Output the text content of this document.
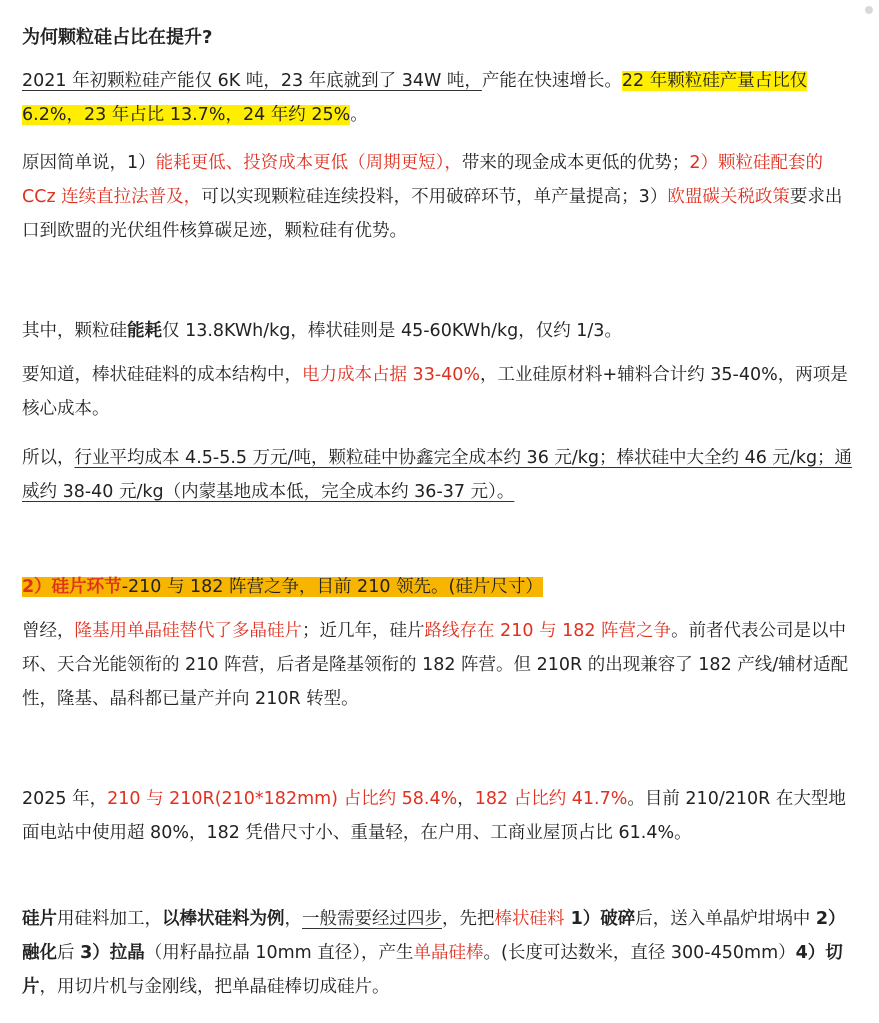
为何颗粒硅占比在提升?

2021 年初颗粒硅产能仅 6K 吨，23 年底就到了 34W 吨，产能在快速增长。22 年颗粒硅产量占比仅 6.2%，23 年占比 13.7%，24 年约 25%。

原因简单说，1）能耗更低、投资成本更低（周期更短），带来的现金成本更低的优势；2）颗粒硅配套的 CCz 连续直拉法普及，可以实现颗粒硅连续投料，不用破碎环节，单产量提高；3）欧盟碳关税政策要求出口到欧盟的光伏组件核算碳足迹，颗粒硅有优势。

其中，颗粒硅能耗仅 13.8KWh/kg，棒状硅则是 45-60KWh/kg，仅约 1/3。

要知道，棒状硅硅料的成本结构中，电力成本占据 33-40%，工业硅原材料+辅料合计约 35-40%，两项是核心成本。

所以，行业平均成本 4.5-5.5 万元/吨，颗粒硅中协鑫完全成本约 36 元/kg；棒状硅中大全约 46 元/kg；通威约 38-40 元/kg（内蒙基地成本低，完全成本约 36-37 元）。

2）硅片环节-210 与 182 阵营之争，目前 210 领先。(硅片尺寸）

曾经，隆基用单晶硅替代了多晶硅片；近几年，硅片路线存在 210 与 182 阵营之争。前者代表公司是以中环、天合光能领衔的 210 阵营，后者是隆基领衔的 182 阵营。但 210R 的出现兼容了 182 产线/辅材适配性，隆基、晶科都已量产并向 210R 转型。

2025 年，210 与 210R(210*182mm) 占比约 58.4%，182 占比约 41.7%。目前 210/210R 在大型地面电站中使用超 80%，182 凭借尺寸小、重量轻，在户用、工商业屋顶占比 61.4%。

硅片用硅料加工，以棒状硅料为例，一般需要经过四步，先把棒状硅料 1）破碎后，送入单晶炉坩埚中 2）融化后 3）拉晶（用籽晶拉晶 10mm 直径），产生单晶硅棒。(长度可达数米，直径 300-450mm）4）切片，用切片机与金刚线，把单晶硅棒切成硅片。
